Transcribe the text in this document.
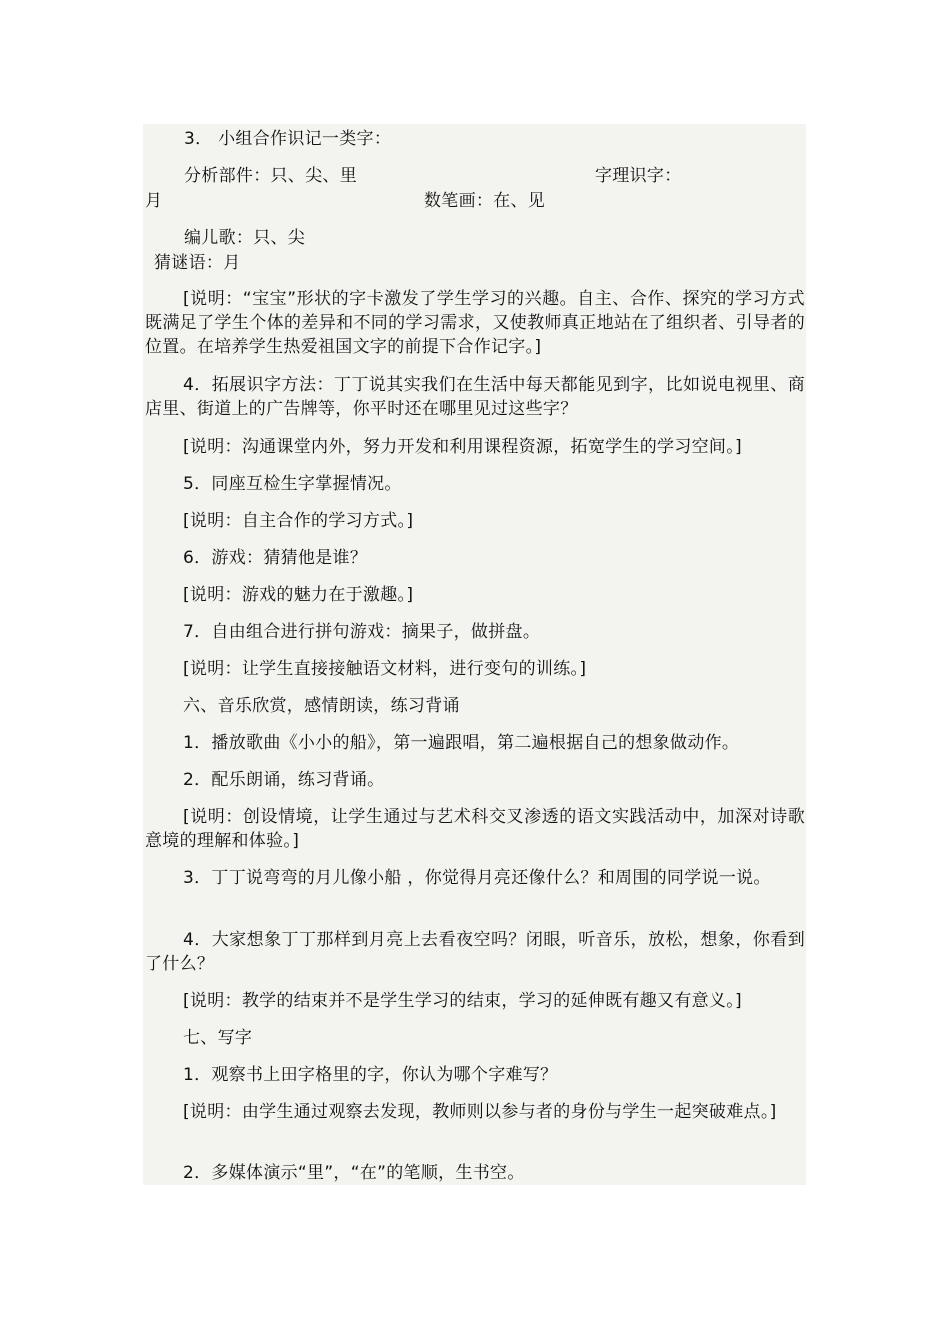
3． 小组合作识记一类字：
分析部件：只、尖、里	字理识字：
月	数笔画：在、见
编儿歌：只、尖
猜谜语：月
[说明：“宝宝”形状的字卡激发了学生学习的兴趣。自主、合作、探究的学习方式既满足了学生个体的差异和不同的学习需求，又使教师真正地站在了组织者、引导者的位置。在培养学生热爱祖国文字的前提下合作记字。]
4．拓展识字方法：丁丁说其实我们在生活中每天都能见到字，比如说电视里、商店里、街道上的广告牌等，你平时还在哪里见过这些字？
[说明：沟通课堂内外，努力开发和利用课程资源，拓宽学生的学习空间。]
5．同座互检生字掌握情况。
[说明：自主合作的学习方式。]
6．游戏：猜猜他是谁？
[说明：游戏的魅力在于激趣。]
7．自由组合进行拼句游戏：摘果子，做拼盘。
[说明：让学生直接接触语文材料，进行变句的训练。]
六、音乐欣赏，感情朗读，练习背诵
1．播放歌曲《小小的船》，第一遍跟唱，第二遍根据自己的想象做动作。
2．配乐朗诵，练习背诵。
[说明：创设情境，让学生通过与艺术科交叉渗透的语文实践活动中，加深对诗歌意境的理解和体验。]
3．丁丁说弯弯的月儿像小船 ，你觉得月亮还像什么？和周围的同学说一说。
4．大家想象丁丁那样到月亮上去看夜空吗？闭眼，听音乐，放松，想象，你看到了什么？
[说明：教学的结束并不是学生学习的结束，学习的延伸既有趣又有意义。]
七、写字
1．观察书上田字格里的字，你认为哪个字难写？
[说明：由学生通过观察去发现，教师则以参与者的身份与学生一起突破难点。]
2．多媒体演示“里”，“在”的笔顺，生书空。
